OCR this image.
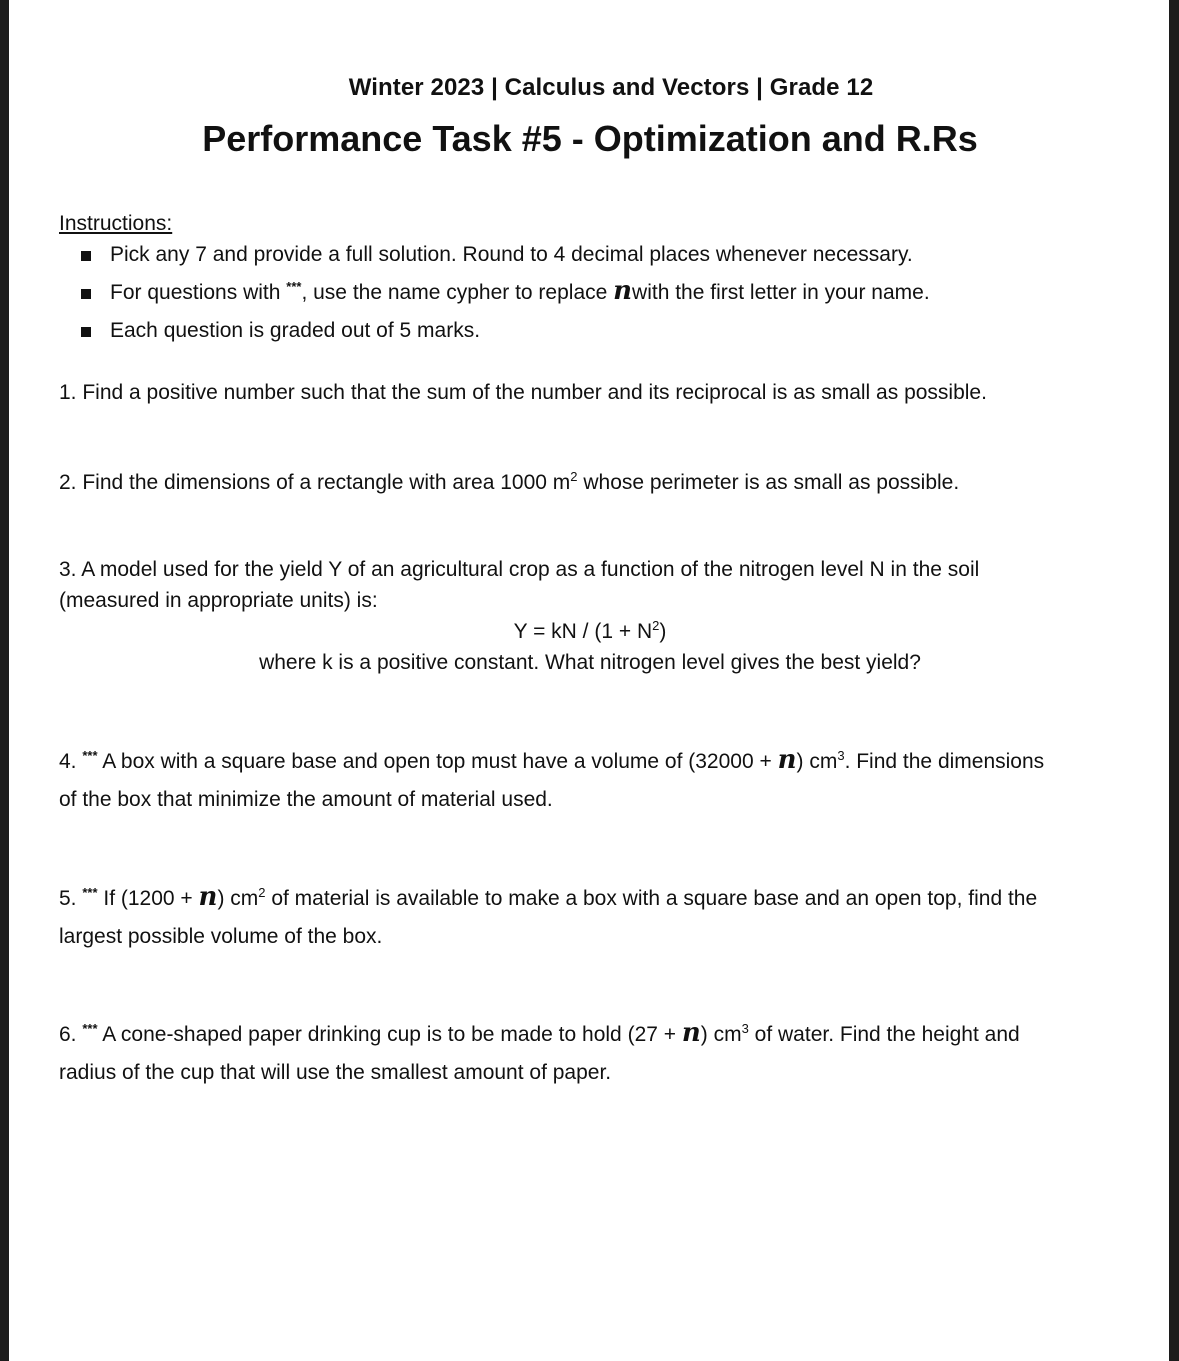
Winter 2023 | Calculus and Vectors | Grade 12
Performance Task #5 - Optimization and R.Rs
Instructions:
Pick any 7 and provide a full solution. Round to 4 decimal places whenever necessary.
For questions with ***, use the name cypher to replace nwith the first letter in your name.
Each question is graded out of 5 marks.
1. Find a positive number such that the sum of the number and its reciprocal is as small as possible.
2. Find the dimensions of a rectangle with area 1000 $m^2$ whose perimeter is as small as possible.
3. A model used for the yield Y of an agricultural crop as a function of the nitrogen level N in the soil
(measured in appropriate units) is:
Y = kN / $(1 + N^2)$
where k is a positive constant. What nitrogen level gives the best yield?
4. *** A box with a square base and open top must have a volume of (32000 + n) $cm^3$. Find the dimensions
of the box that minimize the amount of material used.
5. *** If (1200 + n) $cm^2$ of material is available to make a box with a square base and an open top, find the
largest possible volume of the box.
6. *** A cone-shaped paper drinking cup is to be made to hold (27 + n) $cm^3$ of water. Find the height and
radius of the cup that will use the smallest amount of paper.
